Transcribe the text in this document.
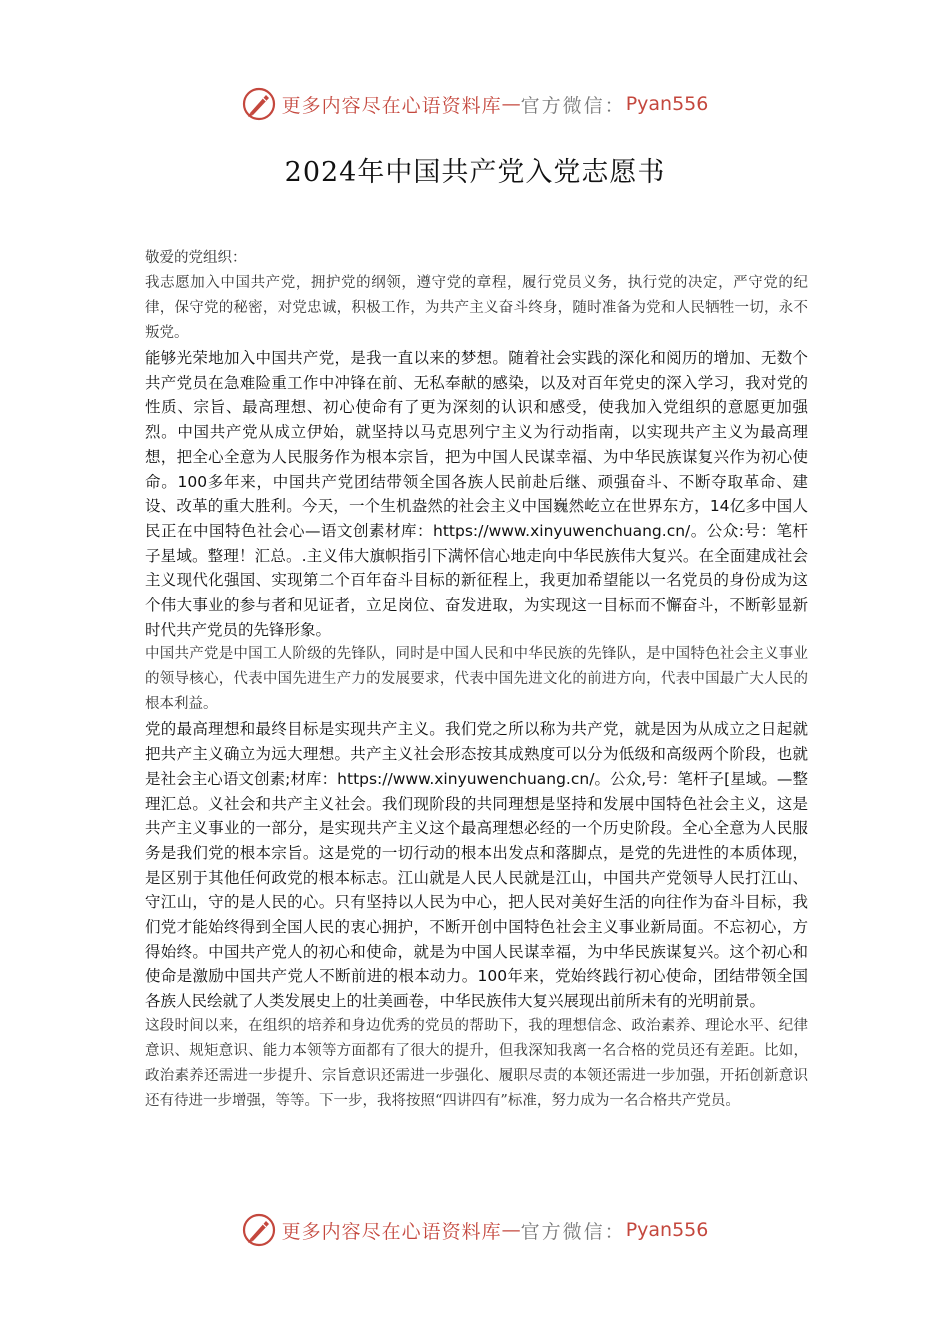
更多内容尽在心语资料库 — 官方微信： Pyan556
2024年中国共产党入党志愿书

敬爱的党组织：

我志愿加入中国共产党，拥护党的纲领，遵守党的章程，履行党员义务，执行党的决定，严守党的纪律，保守党的秘密，对党忠诚，积极工作，为共产主义奋斗终身，随时准备为党和人民牺牲一切，永不叛党。

能够光荣地加入中国共产党，是我一直以来的梦想。随着社会实践的深化和阅历的增加、无数个共产党员在急难险重工作中冲锋在前、无私奉献的感染，以及对百年党史的深入学习，我对党的性质、宗旨、最高理想、初心使命有了更为深刻的认识和感受，使我加入党组织的意愿更加强烈。中国共产党从成立伊始，就坚持以马克思列宁主义为行动指南，以实现共产主义为最高理想，把全心全意为人民服务作为根本宗旨，把为中国人民谋幸福、为中华民族谋复兴作为初心使命。100多年来，中国共产党团结带领全国各族人民前赴后继、顽强奋斗、不断夺取革命、建设、改革的重大胜利。今天，一个生机盎然的社会主义中国巍然屹立在世界东方，14亿多中国人民正在中国特色社会心—语文创素材库：https://www.xinyuwenchuang.cn/。公众:号：笔杆子星域。整理！汇总。.主义伟大旗帜指引下满怀信心地走向中华民族伟大复兴。在全面建成社会主义现代化强国、实现第二个百年奋斗目标的新征程上，我更加希望能以一名党员的身份成为这个伟大事业的参与者和见证者，立足岗位、奋发进取，为实现这一目标而不懈奋斗，不断彰显新时代共产党员的先锋形象。

中国共产党是中国工人阶级的先锋队，同时是中国人民和中华民族的先锋队，是中国特色社会主义事业的领导核心，代表中国先进生产力的发展要求，代表中国先进文化的前进方向，代表中国最广大人民的根本利益。

党的最高理想和最终目标是实现共产主义。我们党之所以称为共产党，就是因为从成立之日起就把共产主义确立为远大理想。共产主义社会形态按其成熟度可以分为低级和高级两个阶段，也就是社会主心语文创素;材库：https://www.xinyuwenchuang.cn/。公众,号：笔杆子[星域。—整理汇总。义社会和共产主义社会。我们现阶段的共同理想是坚持和发展中国特色社会主义，这是共产主义事业的一部分，是实现共产主义这个最高理想必经的一个历史阶段。全心全意为人民服务是我们党的根本宗旨。这是党的一切行动的根本出发点和落脚点，是党的先进性的本质体现，是区别于其他任何政党的根本标志。江山就是人民人民就是江山，中国共产党领导人民打江山、守江山，守的是人民的心。只有坚持以人民为中心，把人民对美好生活的向往作为奋斗目标，我们党才能始终得到全国人民的衷心拥护，不断开创中国特色社会主义事业新局面。不忘初心，方得始终。中国共产党人的初心和使命，就是为中国人民谋幸福，为中华民族谋复兴。这个初心和使命是激励中国共产党人不断前进的根本动力。100年来，党始终践行初心使命，团结带领全国各族人民绘就了人类发展史上的壮美画卷，中华民族伟大复兴展现出前所未有的光明前景。

这段时间以来，在组织的培养和身边优秀的党员的帮助下，我的理想信念、政治素养、理论水平、纪律意识、规矩意识、能力本领等方面都有了很大的提升，但我深知我离一名合格的党员还有差距。比如，政治素养还需进一步提升、宗旨意识还需进一步强化、履职尽责的本领还需进一步加强，开拓创新意识还有待进一步增强，等等。下一步，我将按照“四讲四有”标准，努力成为一名合格共产党员。

更多内容尽在心语资料库 — 官方微信： Pyan556
